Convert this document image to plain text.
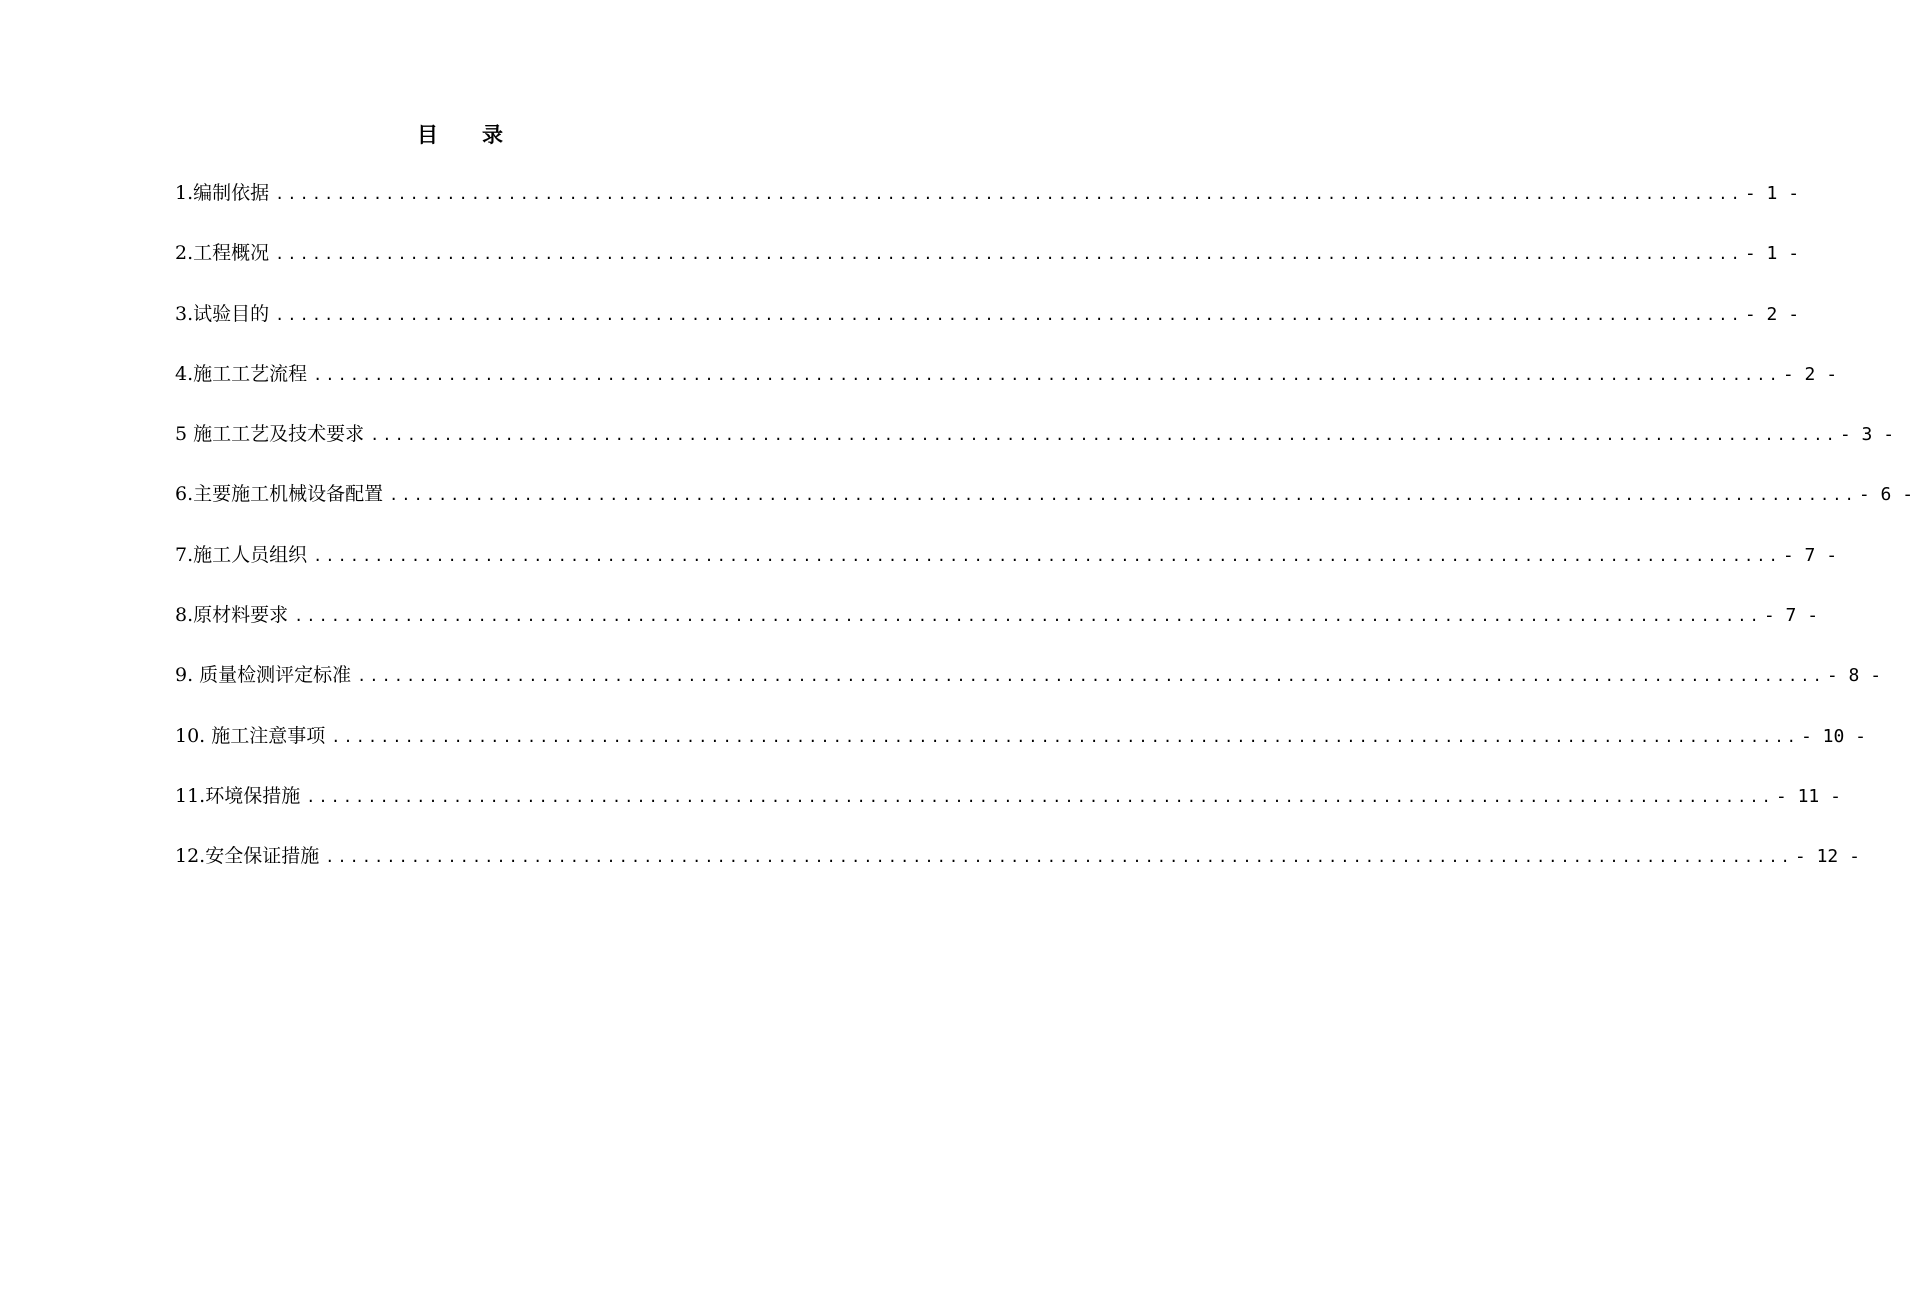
目 录
1.编制依据 ........................................................................................................................ - 1 -
2.工程概况 ........................................................................................................................ - 1 -
3.试验目的 ........................................................................................................................ - 2 -
4.施工工艺流程 ........................................................................................................................ - 2 -
5 施工工艺及技术要求 ........................................................................................................................ - 3 -
6.主要施工机械设备配置 ........................................................................................................................ - 6 -
7.施工人员组织 ........................................................................................................................ - 7 -
8.原材料要求 ........................................................................................................................ - 7 -
9. 质量检测评定标准 ........................................................................................................................ - 8 -
10. 施工注意事项 ........................................................................................................................ - 10 -
11.环境保措施 ........................................................................................................................ - 11 -
12.安全保证措施 ........................................................................................................................ - 12 -
